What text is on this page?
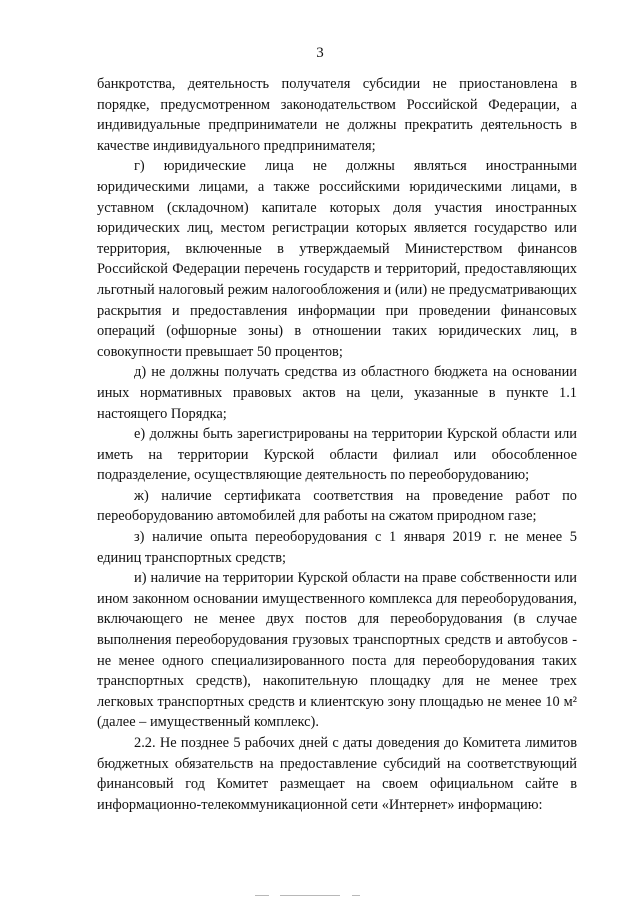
3

банкротства, деятельность получателя субсидии не приостановлена в порядке, предусмотренном законодательством Российской Федерации, а индивидуальные предприниматели не должны прекратить деятельность в качестве индивидуального предпринимателя;

г) юридические лица не должны являться иностранными юридическими лицами, а также российскими юридическими лицами, в уставном (складочном) капитале которых доля участия иностранных юридических лиц, местом регистрации которых является государство или территория, включенные в утверждаемый Министерством финансов Российской Федерации перечень государств и территорий, предоставляющих льготный налоговый режим налогообложения и (или) не предусматривающих раскрытия и предоставления информации при проведении финансовых операций (офшорные зоны) в отношении таких юридических лиц, в совокупности превышает 50 процентов;

д) не должны получать средства из областного бюджета на основании иных нормативных правовых актов на цели, указанные в пункте 1.1 настоящего Порядка;

е) должны быть зарегистрированы на территории Курской области или иметь на территории Курской области филиал или обособленное подразделение, осуществляющие деятельность по переоборудованию;

ж) наличие сертификата соответствия на проведение работ по переоборудованию автомобилей для работы на сжатом природном газе;

з) наличие опыта переоборудования с 1 января 2019 г. не менее 5 единиц транспортных средств;

и) наличие на территории Курской области на праве собственности или ином законном основании имущественного комплекса для переоборудования, включающего не менее двух постов для переоборудования (в случае выполнения переоборудования грузовых транспортных средств и автобусов - не менее одного специализированного поста для переоборудования таких транспортных средств), накопительную площадку для не менее трех легковых транспортных средств и клиентскую зону площадью не менее 10 м² (далее – имущественный комплекс).

2.2. Не позднее 5 рабочих дней с даты доведения до Комитета лимитов бюджетных обязательств на предоставление субсидий на соответствующий финансовый год Комитет размещает на своем официальном сайте в информационно-телекоммуникационной сети «Интернет» информацию:
